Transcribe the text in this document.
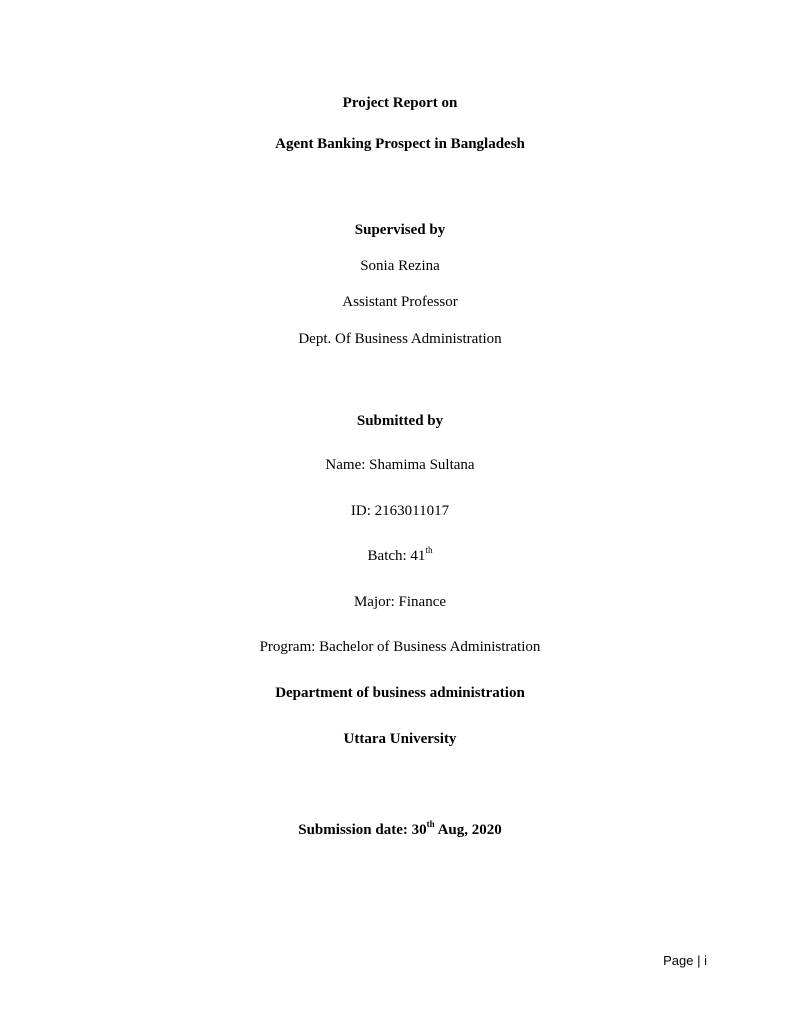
Project Report on
Agent Banking Prospect in Bangladesh
Supervised by
Sonia Rezina
Assistant Professor
Dept. Of Business Administration
Submitted by
Name: Shamima Sultana
ID: 2163011017
Batch: 41th
Major: Finance
Program: Bachelor of Business Administration
Department of business administration
Uttara University
Submission date: 30th Aug, 2020
Page | i
